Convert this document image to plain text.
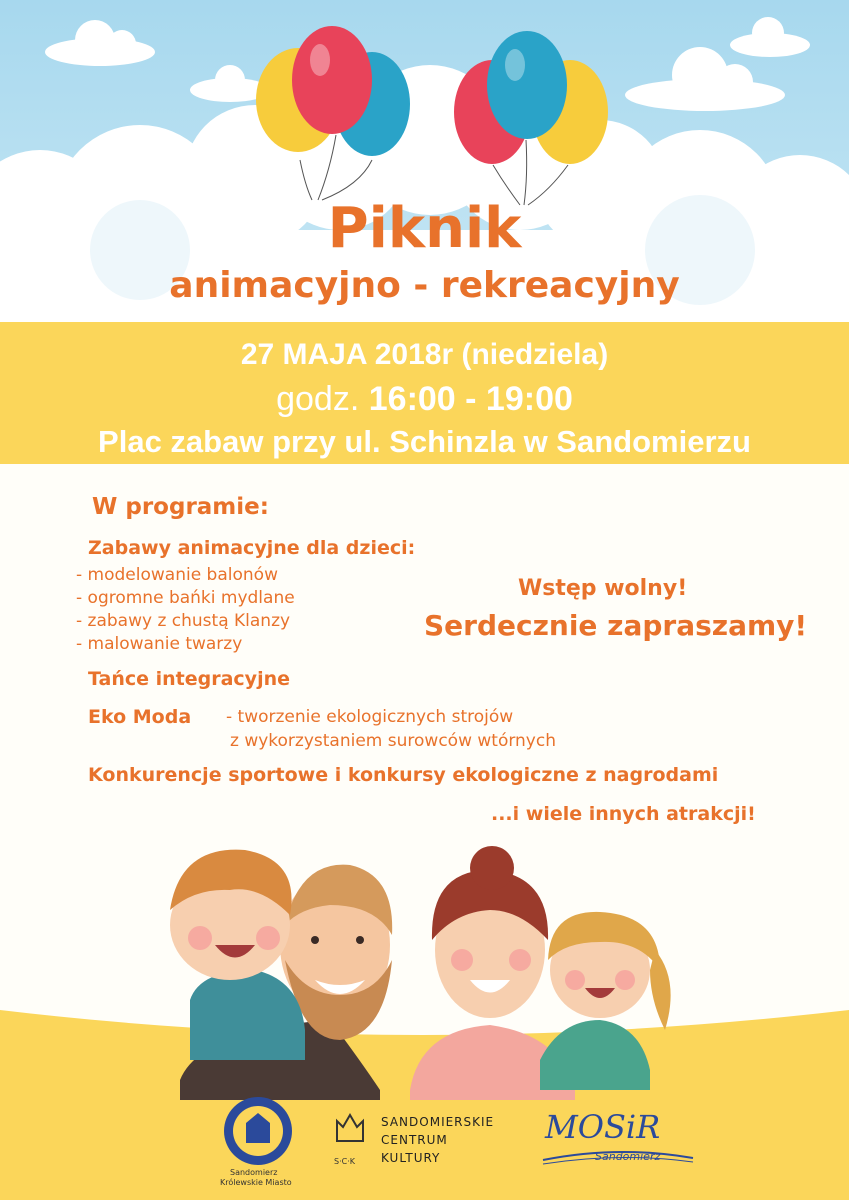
Piknik
animacyjno - rekreacyjny
27 MAJA 2018r (niedziela)
godz. 16:00 - 19:00
Plac zabaw przy ul. Schinzla w Sandomierzu
W programie:
Zabawy animacyjne dla dzieci:
- modelowanie balonów
- ogromne bańki mydlane
- zabawy z chustą Klanzy
- malowanie twarzy
Tańce integracyjne
Eko Moda - tworzenie ekologicznych strojów
z wykorzystaniem surowców wtórnych
Konkurencje sportowe i konkursy ekologiczne z nagrodami
...i wiele innych atrakcji!
Wstęp wolny!
Serdecznie zapraszamy!
Sandomierz
Królewskie Miasto
S·C·K
SANDOMIERSKIE
CENTRUM
KULTURY
MOSiR
Sandomierz
